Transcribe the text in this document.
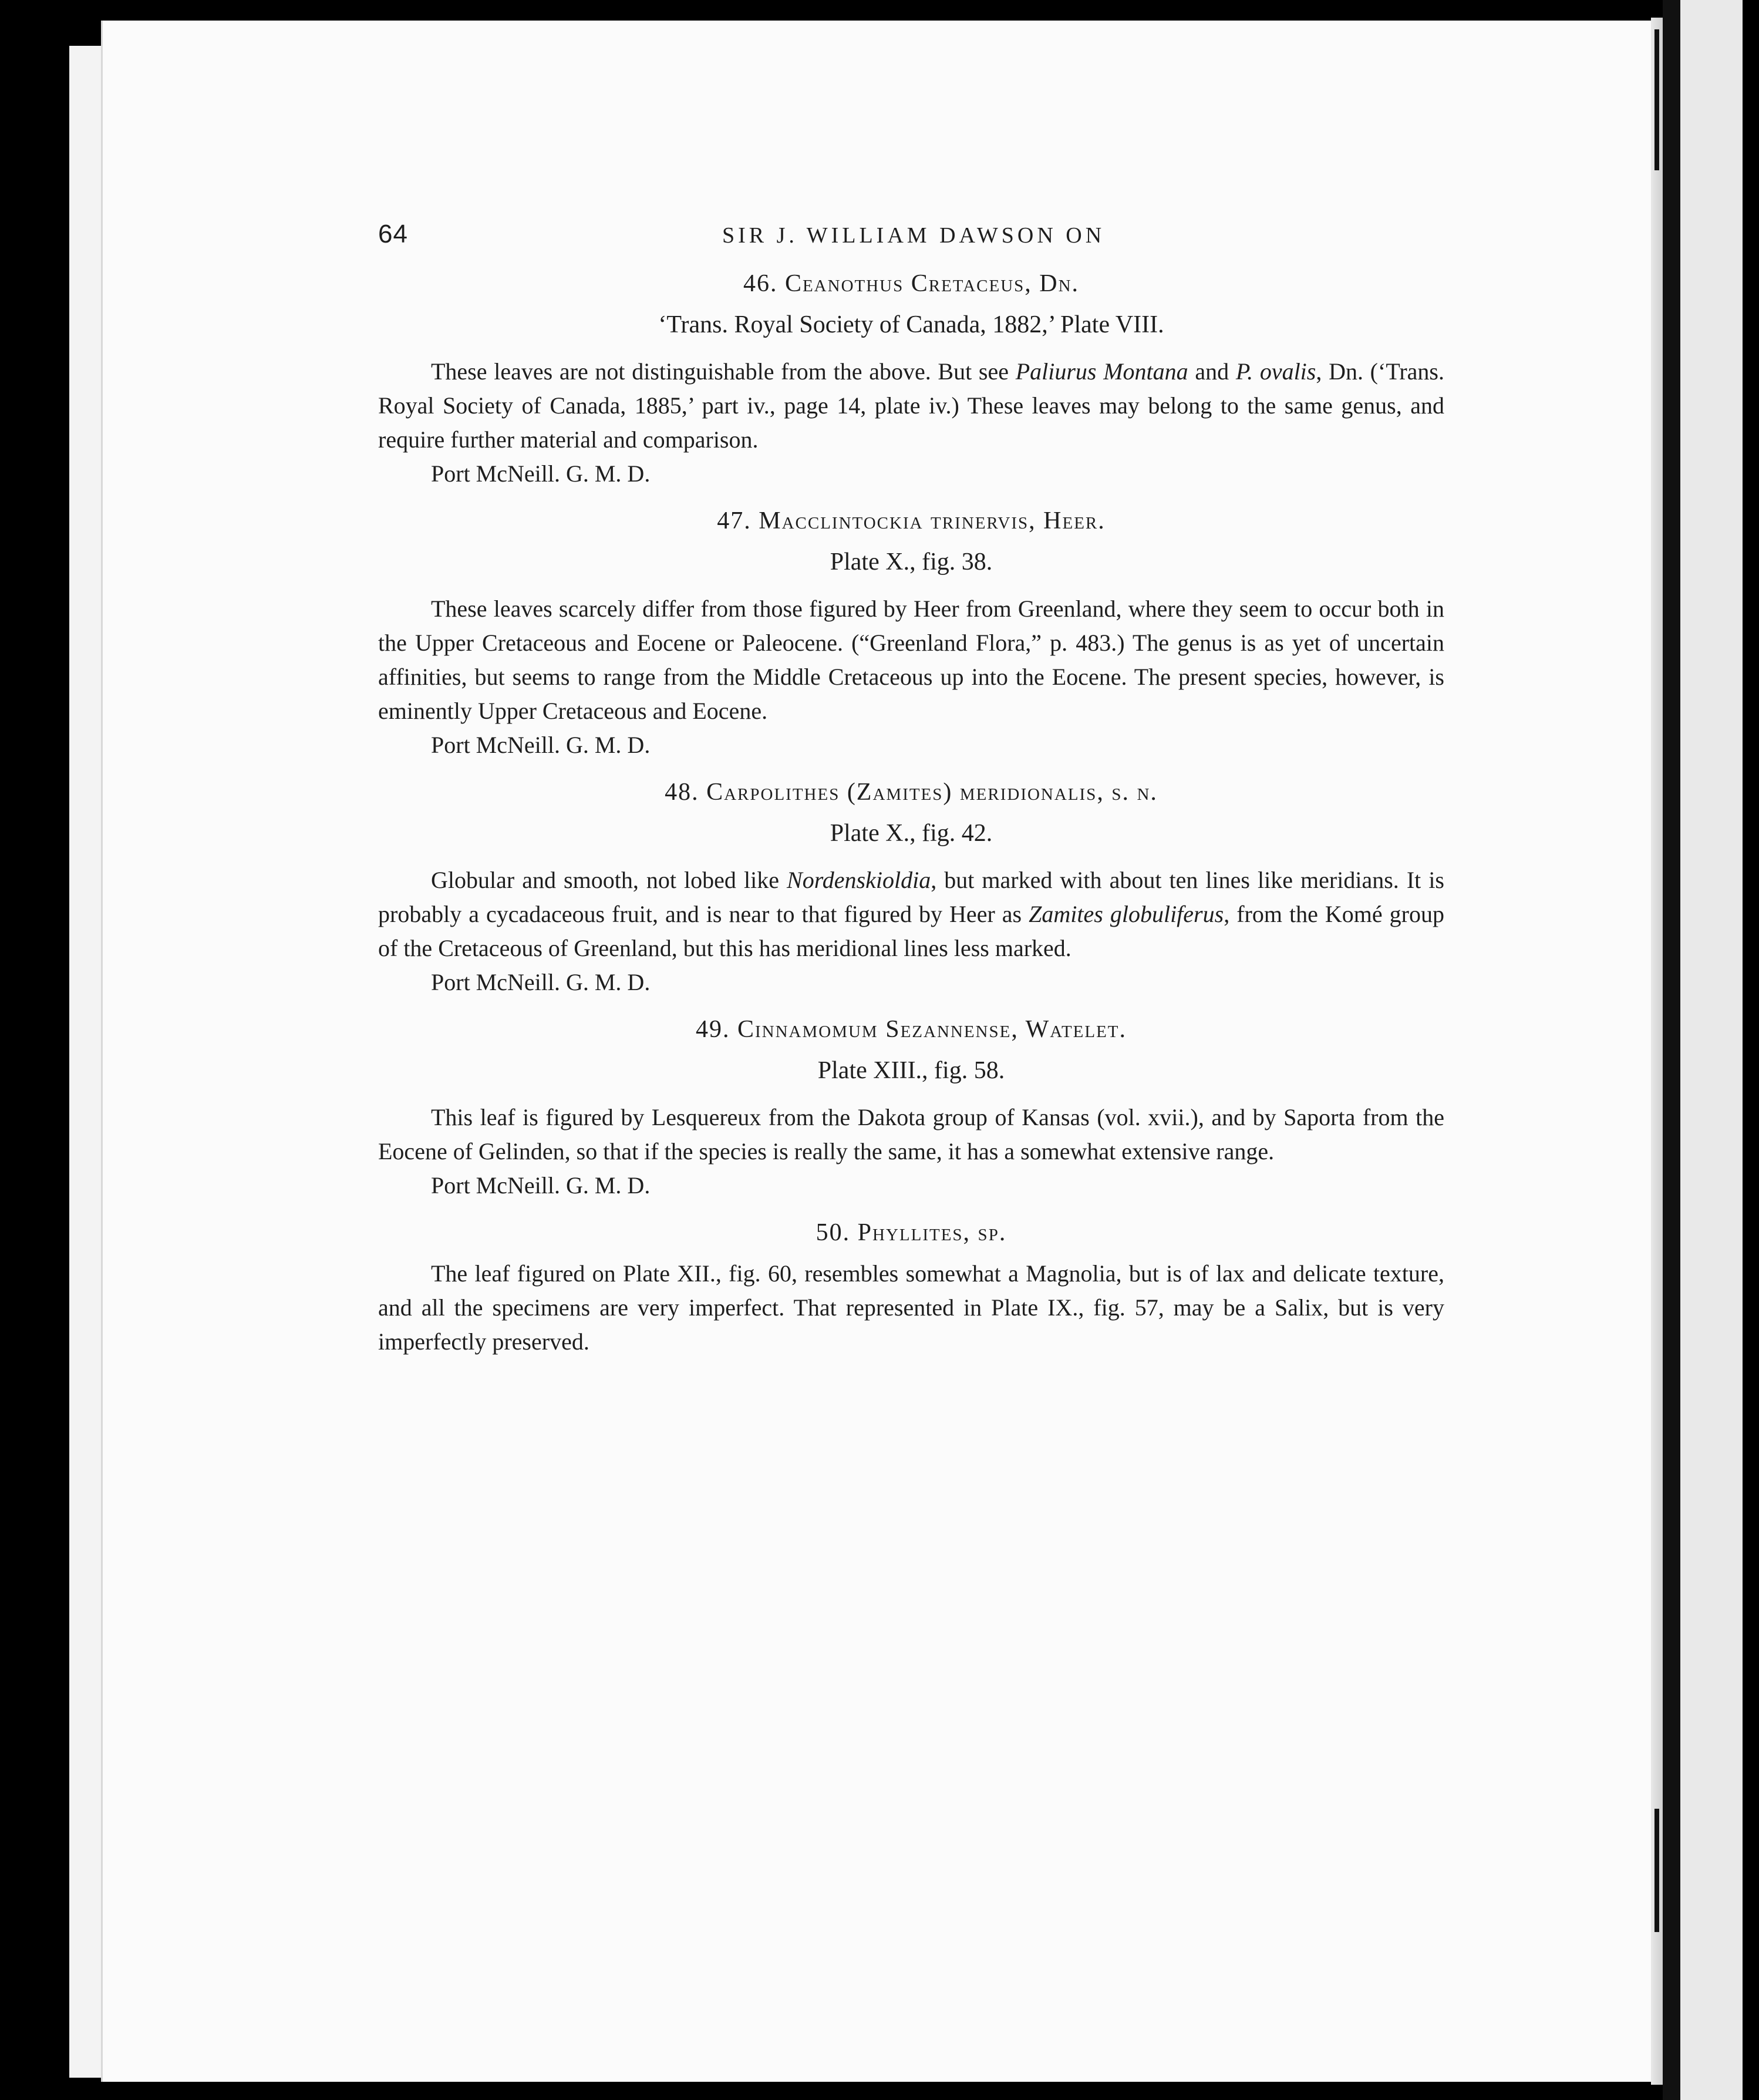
64	SIR J. WILLIAM DAWSON ON
46. Ceanothus Cretaceus, Dn.
‘Trans. Royal Society of Canada, 1882,’ Plate VIII.

These leaves are not distinguishable from the above. But see Paliurus Montana and P. ovalis, Dn. (‘Trans. Royal Society of Canada, 1885,’ part iv., page 14, plate iv.) These leaves may belong to the same genus, and require further material and comparison.

Port McNeill. G. M. D.
47. Macclintockia trinervis, Heer.
Plate X., fig. 38.

These leaves scarcely differ from those figured by Heer from Greenland, where they seem to occur both in the Upper Cretaceous and Eocene or Paleocene. (“Greenland Flora,” p. 483.) The genus is as yet of uncertain affinities, but seems to range from the Middle Cretaceous up into the Eocene. The present species, however, is eminently Upper Cretaceous and Eocene.

Port McNeill. G. M. D.
48. Carpolithes (Zamites) meridionalis, s. n.
Plate X., fig. 42.

Globular and smooth, not lobed like Nordenskioldia, but marked with about ten lines like meridians. It is probably a cycadaceous fruit, and is near to that figured by Heer as Zamites globuliferus, from the Komé group of the Cretaceous of Greenland, but this has meridional lines less marked.

Port McNeill. G. M. D.
49. Cinnamomum Sezannense, Watelet.
Plate XIII., fig. 58.

This leaf is figured by Lesquereux from the Dakota group of Kansas (vol. xvii.), and by Saporta from the Eocene of Gelinden, so that if the species is really the same, it has a somewhat extensive range.

Port McNeill. G. M. D.
50. Phyllites, sp.

The leaf figured on Plate XII., fig. 60, resembles somewhat a Magnolia, but is of lax and delicate texture, and all the specimens are very imperfect. That represented in Plate IX., fig. 57, may be a Salix, but is very imperfectly preserved.
